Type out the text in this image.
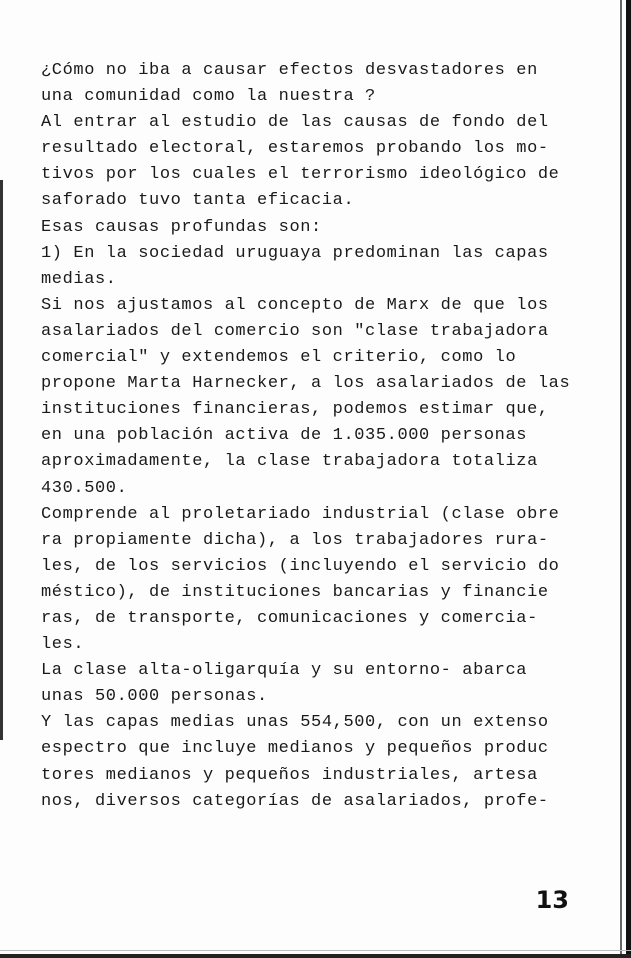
¿Cómo no iba a causar efectos desvastadores en
una comunidad como la nuestra ?
Al entrar al estudio de las causas de fondo del
resultado electoral, estaremos probando los mo-
tivos por los cuales el terrorismo ideológico de
saforado tuvo tanta eficacia.
Esas causas profundas son:
1) En la sociedad uruguaya predominan las capas
medias.
Si nos ajustamos al concepto de Marx de que los
asalariados del comercio son "clase trabajadora
comercial" y extendemos el criterio, como lo
propone Marta Harnecker, a los asalariados de las
instituciones financieras, podemos estimar que,
en una población activa de 1.035.000 personas
aproximadamente, la clase trabajadora totaliza
430.500.
Comprende al proletariado industrial (clase obre
ra propiamente dicha), a los trabajadores rura-
les, de los servicios (incluyendo el servicio do
méstico), de instituciones bancarias y financie
ras, de transporte, comunicaciones y comercia-
les.
La clase alta-oligarquía y su entorno- abarca
unas 50.000 personas.
Y las capas medias unas 554,500, con un extenso
espectro que incluye medianos y pequeños produc
tores medianos y pequeños industriales, artesa
nos, diversos categorías de asalariados, profe-
13
